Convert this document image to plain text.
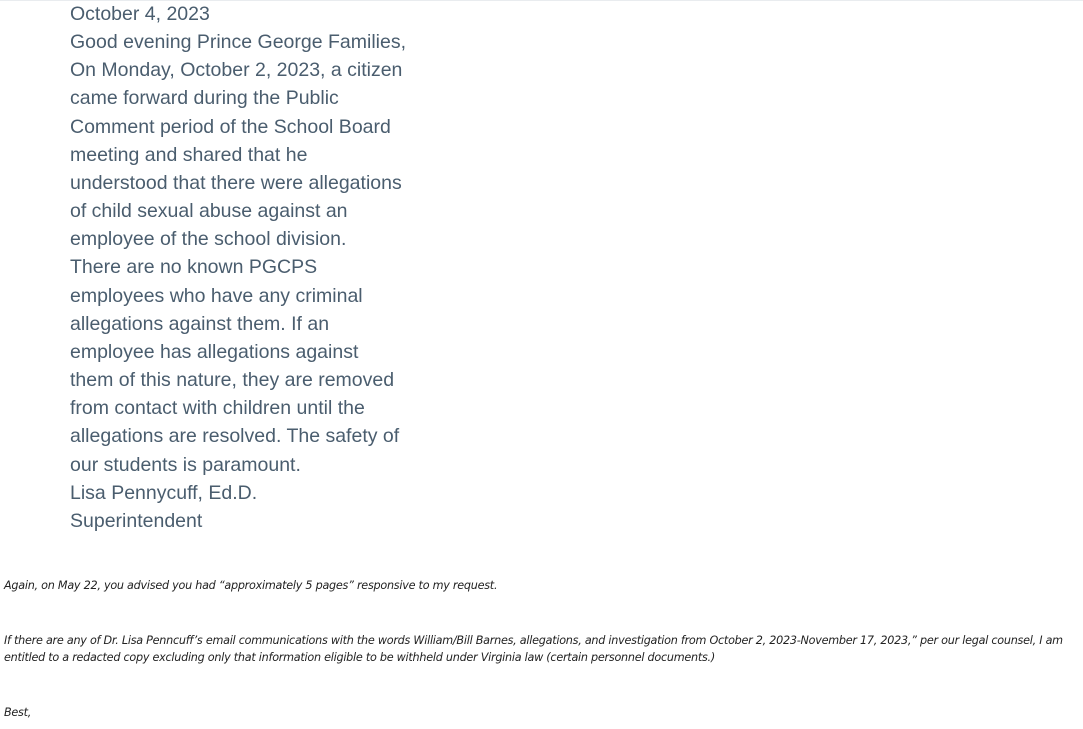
October 4, 2023
Good evening Prince George Families,
On Monday, October 2, 2023, a citizen
came forward during the Public
Comment period of the School Board
meeting and shared that he
understood that there were allegations
of child sexual abuse against an
employee of the school division.
There are no known PGCPS
employees who have any criminal
allegations against them. If an
employee has allegations against
them of this nature, they are removed
from contact with children until the
allegations are resolved. The safety of
our students is paramount.
Lisa Pennycuff, Ed.D.
Superintendent
Again, on May 22, you advised you had “approximately 5 pages” responsive to my request.
If there are any of Dr. Lisa Penncuff’s email communications with the words William/Bill Barnes, allegations, and investigation from October 2, 2023-November 17, 2023,” per our legal counsel, I am entitled to a redacted copy excluding only that information eligible to be withheld under Virginia law (certain personnel documents.)
Best,
